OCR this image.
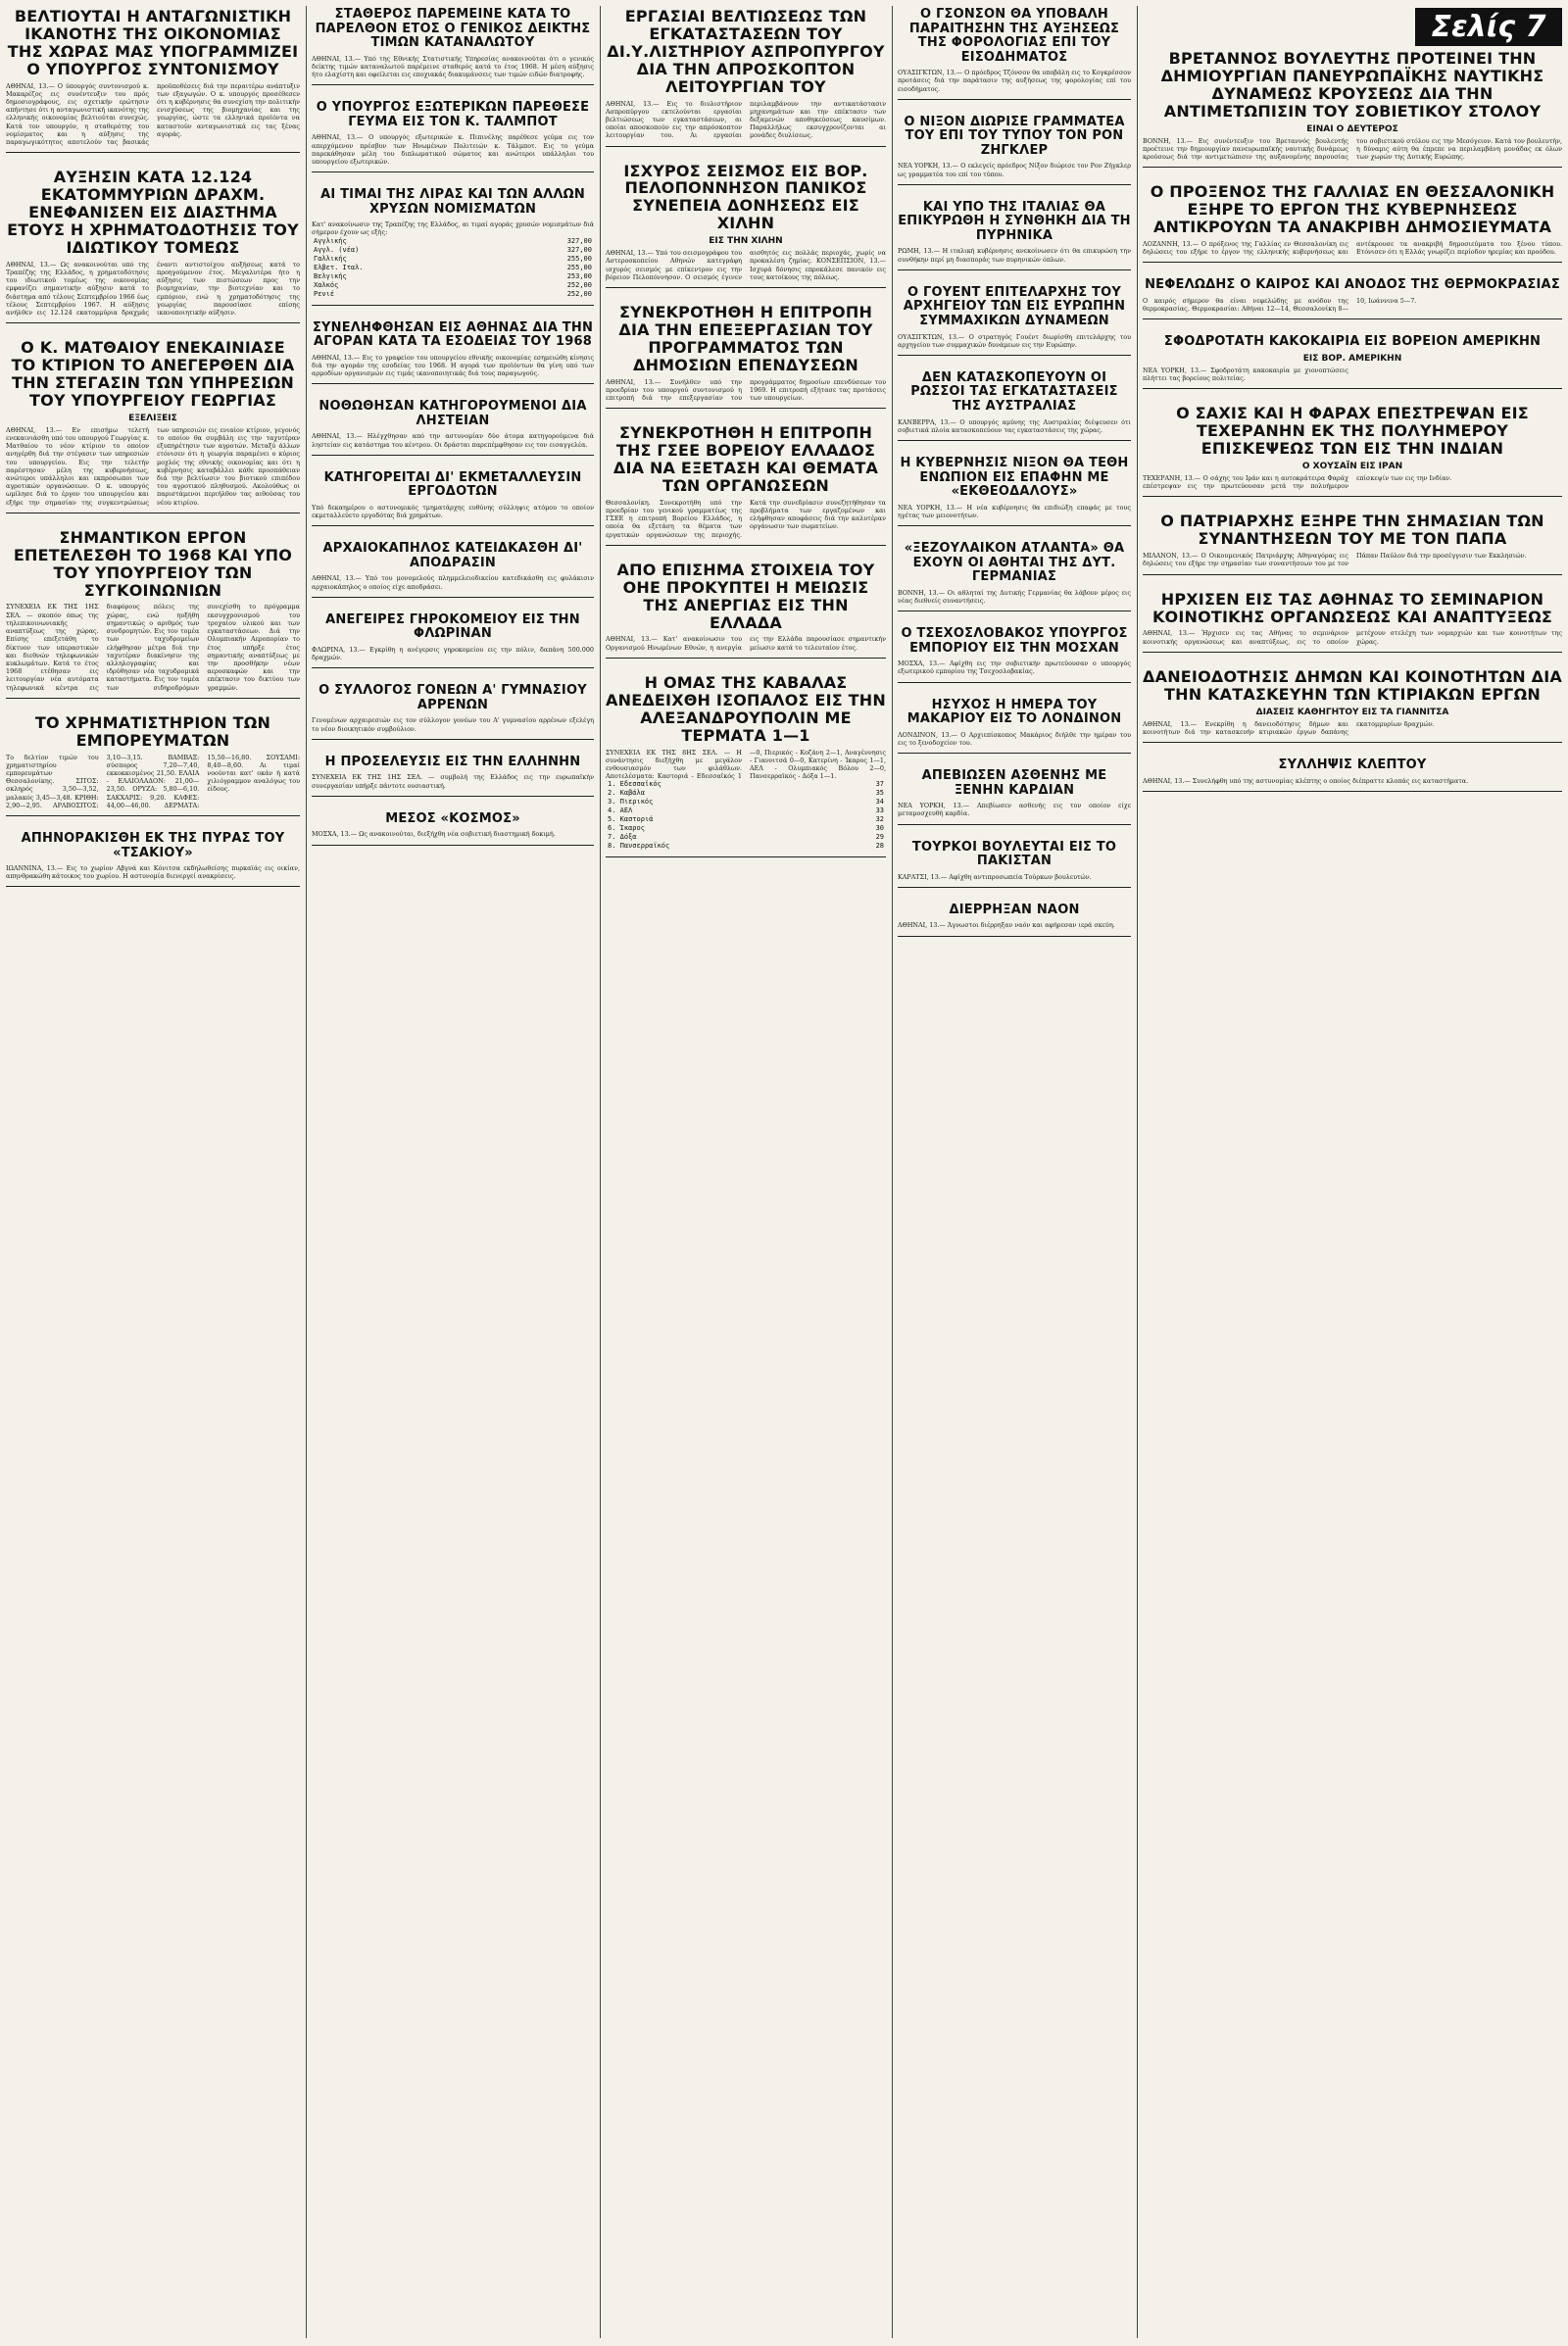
ΒΕΛΤΙΟΥΤΑΙ Η ΑΝΤΑΓΩΝΙΣΤΙΚΗ ΙΚΑΝΟΤΗΣ ΤΗΣ ΟΙΚΟΝΟΜΙΑΣ ΤΗΣ ΧΩΡΑΣ ΜΑΣ ΥΠΟΓΡΑΜΜΙΖΕΙ Ο ΥΠΟΥΡΓΟΣ ΣΥΝΤΟΝΙΣΜΟΥ

ΑΘΗΝΑΙ, 13.— Ο ύπουργός συντονισμού κ. Μακαρέζος εις συνέντευξιν του πρός δημοσιογράφους, εις σχετικήν ερώτησιν απήντησε ότι η ανταγωνιστική ικανότης της ελληνικής οικονομίας βελτιούται συνεχώς. Κατά τον υπουργόν, η σταθερότης του νομίσματος και η αύξησις της παραγωγικότητος αποτελούν τας βασικάς προϋποθέσεις διά την περαιτέρω ανάπτυξιν των εξαγωγών. Ο κ. υπουργός προσέθεσεν ότι η κυβέρνησις θα συνεχίση την πολιτικήν ενισχύσεως της βιομηχανίας και της γεωργίας, ώστε τα ελληνικά προϊόντα να καταστούν ανταγωνιστικά εις τας ξένας αγοράς.

ΑΥΞΗΣΙΝ ΚΑΤΑ 12.124 ΕΚΑΤΟΜΜΥΡΙΩΝ ΔΡΑΧΜ. ΕΝΕΦΑΝΙΣΕΝ ΕΙΣ ΔΙΑΣΤΗΜΑ ΕΤΟΥΣ Η ΧΡΗΜΑΤΟΔΟΤΗΣΙΣ ΤΟΥ ΙΔΙΩΤΙΚΟΥ ΤΟΜΕΩΣ

ΑΘΗΝΑΙ, 13.— Ως ανακοινούται υπό της Τραπέζης της Ελλάδος, η χρηματοδότησις του ιδιωτικού τομέως της οικονομίας εμφανίζει σημαντικήν αύξησιν κατά το διάστημα από τέλους Σεπτεμβρίου 1966 έως τέλους Σεπτεμβρίου 1967. Η αύξησις ανήλθεν εις 12.124 εκατομμύρια δραχμάς έναντι αντιστοίχου αυξήσεως κατά το προηγούμενον έτος. Μεγαλυτέρα ήτο η αύξησις των πιστώσεων προς την βιομηχανίαν, την βιοτεχνίαν και το εμπόριον, ενώ η χρηματοδότησις της γεωργίας παρουσίασε επίσης ικανοποιητικήν αύξησιν.

Ο Κ. ΜΑΤΘΑΙΟΥ ΕΝΕΚΑΙΝΙΑΣΕ ΤΟ ΚΤΙΡΙΟΝ ΤΟ ΑΝΕΓΕΡΘΕΝ ΔΙΑ ΤΗΝ ΣΤΕΓΑΣΙΝ ΤΩΝ ΥΠΗΡΕΣΙΩΝ ΤΟΥ ΥΠΟΥΡΓΕΙΟΥ ΓΕΩΡΓΙΑΣ
ΕΞΕΛΙΞΕΙΣ

ΑΘΗΝΑΙ, 13.— Εν επισήμω τελετή ενεκαινιάσθη υπό του υπουργού Γεωργίας κ. Ματθαίου το νέον κτίριον το οποίον ανηγέρθη διά την στέγασιν των υπηρεσιών του υπουργείου. Εις την τελετήν παρέστησαν μέλη της κυβερνήσεως, ανώτεροι υπάλληλοι και εκπρόσωποι των αγροτικών οργανώσεων. Ο κ. υπουργός ωμίλησε διά το έργον του υπουργείου και εξήρε την σημασίαν της συγκεντρώσεως των υπηρεσιών εις ενιαίον κτίριον, γεγονός το οποίον θα συμβάλη εις την ταχυτέραν εξυπηρέτησιν των αγροτών. Μεταξύ άλλων ετόνισεν ότι η γεωργία παραμένει ο κύριος μοχλός της εθνικής οικονομίας και ότι η κυβέρνησις καταβάλλει κάθε προσπάθειαν διά την βελτίωσιν του βιοτικού επιπέδου του αγροτικού πληθυσμού. Ακολούθως οι παριστάμενοι περιήλθον τας αιθούσας του νέου κτιρίου.

ΣΗΜΑΝΤΙΚΟΝ ΕΡΓΟΝ ΕΠΕΤΕΛΕΣΘΗ ΤΟ 1968 ΚΑΙ ΥΠΟ ΤΟΥ ΥΠΟΥΡΓΕΙΟΥ ΤΩΝ ΣΥΓΚΟΙΝΩΝΙΩΝ

ΣΥΝΕΧΕΙΑ ΕΚ ΤΗΣ 1ΗΣ ΣΕΛ. — σκοπόν όπως της τηλεπικοινωνιακής αναπτύξεως της χώρας. Επίσης επεξετάθη το δίκτυον των υπεραστικών και διεθνών τηλεφωνικών κυκλωμάτων. Κατά το έτος 1968 ετέθησαν εις λειτουργίαν νέα αυτόματα τηλεφωνικά κέντρα εις διαφόρους πόλεις της χώρας, ενώ ηυξήθη σημαντικώς ο αριθμός των συνδρομητών. Εις τον τομέα των ταχυδρομείων ελήφθησαν μέτρα διά την ταχυτέραν διακίνησιν της αλληλογραφίας και ιδρύθησαν νέα ταχυδρομικά καταστήματα. Εις τον τομέα των σιδηροδρόμων συνεχίσθη το πρόγραμμα εκσυγχρονισμού του τροχαίου υλικού και των εγκαταστάσεων. Διά την Ολυμπιακήν Αεροπορίαν το έτος υπήρξε έτος σημαντικής αναπτύξεως με την προσθήκην νέων αεροσκαφών και την επέκτασιν του δικτύου των γραμμών.

ΤΟ ΧΡΗΜΑΤΙΣΤΗΡΙΟΝ ΤΩΝ ΕΜΠΟΡΕΥΜΑΤΩΝ

Το δελτίον τιμών του χρηματιστηρίου εμπορευμάτων Θεσσαλονίκης. ΣΙΤΟΣ: σκληρός 3,50—3,52, μαλακός 3,45—3,48. ΚΡΙΘΗ: 2,90—2,95. ΑΡΑΒΟΣΙΤΟΣ: 3,10—3,15. ΒΑΜΒΑΞ: σύσπορος 7,20—7,40, εκκοκκισμένος 21,50. ΕΛΑΙΑ - ΕΛΑΙΟΛΑΔΟΝ: 21,00—23,50. ΟΡΥΖΑ: 5,80—6,10. ΣΑΚΧΑΡΙΣ: 9,20. ΚΑΦΕΣ: 44,00—46,00. ΔΕΡΜΑΤΑ: 15,50—16,80. ΣΟΥΣΑΜΙ: 8,40—8,60. Αι τιμαί νοούνται κατ' οκάν ή κατά χιλιόγραμμον αναλόγως του είδους.

ΑΠΗΝΟΡΑΚΙΣΘΗ ΕΚ ΤΗΣ ΠΥΡΑΣ ΤΟΥ «ΤΣΑΚΙΟΥ»

ΙΩΑΝΝΙΝΑ, 13.— Εις το χωρίον Αβγνά και Κόνιτσα εκδηλωθείσης πυρκαϊάς εις οικίαν, απηνθρακώθη κάτοικος του χωρίου. Η αστυνομία διενεργεί ανακρίσεις.

ΣΤΑΘΕΡΟΣ ΠΑΡΕΜΕΙΝΕ ΚΑΤΑ ΤΟ ΠΑΡΕΛΘΟΝ ΕΤΟΣ Ο ΓΕΝΙΚΟΣ ΔΕΙΚΤΗΣ ΤΙΜΩΝ ΚΑΤΑΝΑΛΩΤΟΥ

ΑΘΗΝΑΙ, 13.— Υπό της Εθνικής Στατιστικής Υπηρεσίας ανακοινούται ότι ο γενικός δείκτης τιμών καταναλωτού παρέμεινε σταθερός κατά το έτος 1968. Η μέση αύξησις ήτο ελαχίστη και οφείλεται εις εποχιακάς διακυμάνσεις των τιμών ειδών διατροφής.

Ο ΥΠΟΥΡΓΟΣ ΕΞΩΤΕΡΙΚΩΝ ΠΑΡΕΘΕΣΕ ΓΕΥΜΑ ΕΙΣ ΤΟΝ Κ. ΤΑΛΜΠΟΤ

ΑΘΗΝΑΙ, 13.— Ο υπουργός εξωτερικών κ. Πιπινέλης παρέθεσε γεύμα εις τον απερχόμενον πρέσβυν των Ηνωμένων Πολιτειών κ. Τάλμποτ. Εις το γεύμα παρεκάθησαν μέλη του διπλωματικού σώματος και ανώτεροι υπάλληλοι του υπουργείου εξωτερικών.

ΑΙ ΤΙΜΑΙ ΤΗΣ ΛΙΡΑΣ ΚΑΙ ΤΩΝ ΑΛΛΩΝ ΧΡΥΣΩΝ ΝΟΜΙΣΜΑΤΩΝ

Κατ' ανακοίνωσιν της Τραπέζης της Ελλάδος, αι τιμαί αγοράς χρυσών νομισμάτων διά σήμερον έχουν ως εξής:

Αγγλικής	327,00
Αγγλ. (νέα)	327,00
Γαλλικής	255,00
Ελβετ. Ιταλ.	255,00
Βελγικής	253,00
Χαλκός	252,00
Ρενιέ	252,00
ΣΥΝΕΛΗΦΘΗΣΑΝ ΕΙΣ ΑΘΗΝΑΣ ΔΙΑ ΤΗΝ ΑΓΟΡΑΝ ΚΑΤΑ ΤΑ ΕΣΟΔΕΙΑΣ ΤΟΥ 1968

ΑΘΗΝΑΙ, 13.— Εις το γραφείον του υπουργείου εθνικής οικονομίας εσημειώθη κίνησις διά την αγοράν της εσοδείας του 1968. Η αγορά των προϊόντων θα γίνη υπό των αρμοδίων οργανισμών εις τιμάς ικανοποιητικάς διά τους παραγωγούς.

ΝΟΘΩΘΗΣΑΝ ΚΑΤΗΓΟΡΟΥΜΕΝΟΙ ΔΙΑ ΛΗΣΤΕΙΑΝ

ΑΘΗΝΑΙ, 13.— Ηλέγχθησαν από την αστυνομίαν δύο άτομα κατηγορούμενα διά ληστείαν εις κατάστημα του κέντρου. Οι δράσται παρεπέμφθησαν εις τον εισαγγελέα.

ΚΑΤΗΓΟΡΕΙΤΑΙ ΔΙ' ΕΚΜΕΤΑΛΛΕΥΣΙΝ ΕΡΓΟΔΟΤΩΝ

Υπό δεκαημέρου ο αστυνομικός τμηματάρχης ευθύνης σύλληψις ατόμου το οποίον εκμεταλλεύετο εργοδότας διά χρημάτων.

ΑΡΧΑΙΟΚΑΠΗΛΟΣ ΚΑΤΕΙΔΚΑΣΘΗ ΔΙ' ΑΠΟΔΡΑΣΙΝ

ΑΘΗΝΑΙ, 13.— Υπό του μονομελούς πλημμελειοδικείου κατεδικάσθη εις φυλάκισιν αρχαιοκάπηλος ο οποίος είχε αποδράσει.

ΑΝΕΓΕΙΡΕΣ ΓΗΡΟΚΟΜΕΙΟΥ ΕΙΣ ΤΗΝ ΦΛΩΡΙΝΑΝ

ΦΛΩΡΙΝΑ, 13.— Εγκρίθη η ανέγερσις γηροκομείου εις την πόλιν, δαπάνη 500.000 δραχμών.

Ο ΣΥΛΛΟΓΟΣ ΓΟΝΕΩΝ Α' ΓΥΜΝΑΣΙΟΥ ΑΡΡΕΝΩΝ

Γενομένων αρχαιρεσιών εις τον σύλλογον γονέων του Α' γυμνασίου αρρένων εξελέγη το νέον διοικητικόν συμβούλιον.

Η ΠΡΟΣΕΛΕΥΣΙΣ ΕΙΣ ΤΗΝ ΕΛΛΗΝΗΝ

ΣΥΝΕΧΕΙΑ ΕΚ ΤΗΣ 1ΗΣ ΣΕΛ. — συμβολή της Ελλάδος εις την ευρωπαϊκήν συνεργασίαν υπήρξε πάντοτε ουσιαστική.

ΜΕΣΟΣ «ΚΟΣΜΟΣ»

ΜΟΣΧΑ, 13.— Ως ανακοινούται, διεξήχθη νέα σοβιετική διαστημική δοκιμή.

ΕΡΓΑΣΙΑΙ ΒΕΛΤΙΩΣΕΩΣ ΤΩΝ ΕΓΚΑΤΑΣΤΑΣΕΩΝ ΤΟΥ ΔΙ.Υ.ΛΙΣΤΗΡΙΟΥ ΑΣΠΡΟΠΥΡΓΟΥ ΔΙΑ ΤΗΝ ΑΠΡΟΣΚΟΠΤΟΝ ΛΕΙΤΟΥΡΓΙΑΝ ΤΟΥ

ΑΘΗΝΑΙ, 13.— Εις το διυλιστήριον Ασπροπύργου εκτελούνται εργασίαι βελτιώσεως των εγκαταστάσεων, αι οποίαι αποσκοπούν εις την απρόσκοπτον λειτουργίαν του. Αι εργασίαι περιλαμβάνουν την αντικατάστασιν μηχανημάτων και την επέκτασιν των δεξαμενών αποθηκεύσεως καυσίμων. Παραλλήλως εκσυγχρονίζονται αι μονάδες διυλίσεως.

ΙΣΧΥΡΟΣ ΣΕΙΣΜΟΣ ΕΙΣ ΒΟΡ. ΠΕΛΟΠΟΝΝΗΣΟΝ ΠΑΝΙΚΟΣ ΣΥΝΕΠΕΙΑ ΔΟΝΗΣΕΩΣ ΕΙΣ ΧΙΛΗΝ
ΕΙΣ ΤΗΝ ΧΙΛΗΝ

ΑΘΗΝΑΙ, 13.— Υπό του σεισμογράφου του Αστεροσκοπείου Αθηνών κατεγράφη ισχυρός σεισμός με επίκεντρον εις την βόρειον Πελοπόννησον. Ο σεισμός έγινεν αισθητός εις πολλάς περιοχάς, χωρίς να προκαλέση ζημίας. ΚΟΝΣΕΠΣΙΟΝ, 13.— Ισχυρά δόνησις επροκάλεσε πανικόν εις τους κατοίκους της πόλεως.

ΣΥΝΕΚΡΟΤΗΘΗ Η ΕΠΙΤΡΟΠΗ ΔΙΑ ΤΗΝ ΕΠΕΞΕΡΓΑΣΙΑΝ ΤΟΥ ΠΡΟΓΡΑΜΜΑΤΟΣ ΤΩΝ ΔΗΜΟΣΙΩΝ ΕΠΕΝΔΥΣΕΩΝ

ΑΘΗΝΑΙ, 13.— Συνήλθεν υπό την προεδρίαν του υπουργού συντονισμού η επιτροπή διά την επεξεργασίαν του προγράμματος δημοσίων επενδύσεων του 1969. Η επιτροπή εξήτασε τας προτάσεις των υπουργείων.

ΣΥΝΕΚΡΟΤΗΘΗ Η ΕΠΙΤΡΟΠΗ ΤΗΣ ΓΣΕΕ ΒΟΡΕΙΟΥ ΕΛΛΑΔΟΣ ΔΙΑ ΝΑ ΕΞΕΤΑΣΗ ΚΑΙ ΘΕΜΑΤΑ ΤΩΝ ΟΡΓΑΝΩΣΕΩΝ

Θεσσαλονίκη. Συνεκροτήθη υπό την προεδρίαν του γενικού γραμματέως της ΓΣΕΕ η επιτροπή Βορείου Ελλάδος, η οποία θα εξετάση τα θέματα των εργατικών οργανώσεων της περιοχής. Κατά την συνεδρίασιν συνεζητήθησαν τα προβλήματα των εργαζομένων και ελήφθησαν αποφάσεις διά την καλυτέραν οργάνωσιν των σωματείων.

ΑΠΟ ΕΠΙΣΗΜΑ ΣΤΟΙΧΕΙΑ ΤΟΥ ΟΗΕ ΠΡΟΚΥΠΤΕΙ Η ΜΕΙΩΣΙΣ ΤΗΣ ΑΝΕΡΓΙΑΣ ΕΙΣ ΤΗΝ ΕΛΛΑΔΑ

ΑΘΗΝΑΙ, 13.— Κατ' ανακοίνωσιν του Οργανισμού Ηνωμένων Εθνών, η ανεργία εις την Ελλάδα παρουσίασε σημαντικήν μείωσιν κατά το τελευταίον έτος.

Η ΟΜΑΣ ΤΗΣ ΚΑΒΑΛΑΣ ΑΝΕΔΕΙΧΘΗ ΙΣΟΠΑΛΟΣ ΕΙΣ ΤΗΝ ΑΛΕΞΑΝΔΡΟΥΠΟΛΙΝ ΜΕ ΤΕΡΜΑΤΑ 1—1

ΣΥΝΕΧΕΙΑ ΕΚ ΤΗΣ 8ΗΣ ΣΕΛ. — Η συνάντησις διεξήχθη με μεγάλον ενθουσιασμόν των φιλάθλων. Αποτελέσματα: Καστοριά - Εδεσσαϊκός 1—0, Πιερικός - Κοζάνη 2—1, Αναγέννησις - Γιαννιτσά 0—0, Κατερίνη - Ίκαρος 1—1, ΑΕΛ - Ολυμπιακός Βόλου 2—0, Πανσερραϊκός - Δόξα 1—1.

1. Εδεσσαϊκός	37
2. Καβάλα	35
3. Πιερικός	34
4. ΑΕΛ	33
5. Καστοριά	32
6. Ίκαρος	30
7. Δόξα	29
8. Πανσερραϊκός	28
Ο ΓΣΟΝΣΟΝ ΘΑ ΥΠΟΒΑΛΗ ΠΑΡΑΙΤΗΣΗΝ ΤΗΣ ΑΥΞΗΣΕΩΣ ΤΗΣ ΦΟΡΟΛΟΓΙΑΣ ΕΠΙ ΤΟΥ ΕΙΣΟΔΗΜΑΤΟΣ

ΟΥΑΣΙΓΚΤΩΝ, 13.— Ο πρόεδρος Τζόνσον θα υποβάλη εις το Κογκρέσσον προτάσεις διά την παράτασιν της αυξήσεως της φορολογίας επί του εισοδήματος.

Ο ΝΙΞΟΝ ΔΙΩΡΙΣΕ ΓΡΑΜΜΑΤΕΑ ΤΟΥ ΕΠΙ ΤΟΥ ΤΥΠΟΥ ΤΟΝ ΡΟΝ ΖΗΓΚΛΕΡ

ΝΕΑ ΥΟΡΚΗ, 13.— Ο εκλεγείς πρόεδρος Νίξον διώρισε τον Ρον Ζήγκλερ ως γραμματέα του επί του τύπου.

ΚΑΙ ΥΠΟ ΤΗΣ ΙΤΑΛΙΑΣ ΘΑ ΕΠΙΚΥΡΩΘΗ Η ΣΥΝΘΗΚΗ ΔΙΑ ΤΗ ΠΥΡΗΝΙΚΑ

ΡΩΜΗ, 13.— Η ιταλική κυβέρνησις ανεκοίνωσεν ότι θα επικυρώση την συνθήκην περί μη διασποράς των πυρηνικών όπλων.

Ο ΓΟΥΕΝΤ ΕΠΙΤΕΛΑΡΧΗΣ ΤΟΥ ΑΡΧΗΓΕΙΟΥ ΤΩΝ ΕΙΣ ΕΥΡΩΠΗΝ ΣΥΜΜΑΧΙΚΩΝ ΔΥΝΑΜΕΩΝ

ΟΥΑΣΙΓΚΤΩΝ, 13.— Ο στρατηγός Γουέντ διωρίσθη επιτελάρχης του αρχηγείου των συμμαχικών δυνάμεων εις την Ευρώπην.

ΔΕΝ ΚΑΤΑΣΚΟΠΕΥΟΥΝ ΟΙ ΡΩΣΣΟΙ ΤΑΣ ΕΓΚΑΤΑΣΤΑΣΕΙΣ ΤΗΣ ΑΥΣΤΡΑΛΙΑΣ

ΚΑΝΒΕΡΡΑ, 13.— Ο υπουργός αμύνης της Αυστραλίας διέψευσεν ότι σοβιετικά πλοία κατασκοπεύουν τας εγκαταστάσεις της χώρας.

Η ΚΥΒΕΡΝΗΣΙΣ ΝΙΞΟΝ ΘΑ ΤΕΘΗ ΕΝΩΠΙΟΝ ΕΙΣ ΕΠΑΦΗΝ ΜΕ «ΕΚΘΕΟΔΑΛΟΥΣ»

ΝΕΑ ΥΟΡΚΗ, 13.— Η νέα κυβέρνησις θα επιδιώξη επαφάς με τους ηγέτας των μειονοτήτων.

«ΞΕΖΟΥΛΑΙΚΟΝ ΑΤΛΑΝΤΑ» ΘΑ ΕΧΟΥΝ ΟΙ ΑΘΗΤΑΙ ΤΗΣ ΔΥΤ. ΓΕΡΜΑΝΙΑΣ

ΒΟΝΝΗ, 13.— Οι αθληταί της Δυτικής Γερμανίας θα λάβουν μέρος εις νέας διεθνείς συναντήσεις.

Ο ΤΣΕΧΟΣΛΟΒΑΚΟΣ ΥΠΟΥΡΓΟΣ ΕΜΠΟΡΙΟΥ ΕΙΣ ΤΗΝ ΜΟΣΧΑΝ

ΜΟΣΧΑ, 13.— Αφίχθη εις την σοβιετικήν πρωτεύουσαν ο υπουργός εξωτερικού εμπορίου της Τσεχοσλοβακίας.

ΗΣΥΧΟΣ Η ΗΜΕΡΑ ΤΟΥ ΜΑΚΑΡΙΟΥ ΕΙΣ ΤΟ ΛΟΝΔΙΝΟΝ

ΛΟΝΔΙΝΟΝ, 13.— Ο Αρχιεπίσκοπος Μακάριος διήλθε την ημέραν του εις το ξενοδοχείον του.

ΑΠΕΒΙΩΣΕΝ ΑΣΘΕΝΗΣ ΜΕ ΞΕΝΗΝ ΚΑΡΔΙΑΝ

ΝΕΑ ΥΟΡΚΗ, 13.— Απεβίωσεν ασθενής εις τον οποίον είχε μεταμοσχευθή καρδία.

ΤΟΥΡΚΟΙ ΒΟΥΛΕΥΤΑΙ ΕΙΣ ΤΟ ΠΑΚΙΣΤΑΝ

ΚΑΡΑΤΣΙ, 13.— Αφίχθη αντιπροσωπεία Τούρκων βουλευτών.

ΔΙΕΡΡΗΞΑΝ ΝΑΟΝ

ΑΘΗΝΑΙ, 13.— Άγνωστοι διέρρηξαν ναόν και αφήρεσαν ιερά σκεύη.

Σελίς 7
ΒΡΕΤΑΝΝΟΣ ΒΟΥΛΕΥΤΗΣ ΠΡΟΤΕΙΝΕΙ ΤΗΝ ΔΗΜΙΟΥΡΓΙΑΝ ΠΑΝΕΥΡΩΠΑΪΚΗΣ ΝΑΥΤΙΚΗΣ ΔΥΝΑΜΕΩΣ ΚΡΟΥΣΕΩΣ ΔΙΑ ΤΗΝ ΑΝΤΙΜΕΤΩΠΙΣΙΝ ΤΟΥ ΣΟΒΙΕΤΙΚΟΥ ΣΤΟΛΟΥ
ΕΙΝΑΙ Ο ΔΕΥΤΕΡΟΣ

ΒΟΝΝΗ, 13.— Εις συνέντευξιν του Βρεταννός βουλευτής προέτεινε την δημιουργίαν πανευρωπαϊκής ναυτικής δυνάμεως κρούσεως διά την αντιμετώπισιν της αυξανομένης παρουσίας του σοβιετικού στόλου εις την Μεσόγειον. Κατά τον βουλευτήν, η δύναμις αύτη θα έπρεπε να περιλαμβάνη μονάδας εκ όλων των χωρών της Δυτικής Ευρώπης.

Ο ΠΡΟΞΕΝΟΣ ΤΗΣ ΓΑΛΛΙΑΣ ΕΝ ΘΕΣΣΑΛΟΝΙΚΗ ΕΞΗΡΕ ΤΟ ΕΡΓΟΝ ΤΗΣ ΚΥΒΕΡΝΗΣΕΩΣ ΑΝΤΙΚΡΟΥΩΝ ΤΑ ΑΝΑΚΡΙΒΗ ΔΗΜΟΣΙΕΥΜΑΤΑ

ΛΟΖΑΝΝΗ, 13.— Ο πρόξενος της Γαλλίας εν Θεσσαλονίκη εις δηλώσεις του εξήρε το έργον της ελληνικής κυβερνήσεως και αντέκρουσε τα ανακριβή δημοσιεύματα του ξένου τύπου. Ετόνισεν ότι η Ελλάς γνωρίζει περίοδον ηρεμίας και προόδου.

ΝΕΦΕΛΩΔΗΣ Ο ΚΑΙΡΟΣ ΚΑΙ ΑΝΟΔΟΣ ΤΗΣ ΘΕΡΜΟΚΡΑΣΙΑΣ

Ο καιρός σήμερον θα είναι νεφελώδης με ανόδον της θερμοκρασίας. Θερμοκρασίαι: Αθήναι 12—14, Θεσσαλονίκη 8—10, Ιωάννινα 5—7.

ΣΦΟΔΡΟΤΑΤΗ ΚΑΚΟΚΑΙΡΙΑ ΕΙΣ ΒΟΡΕΙΟΝ ΑΜΕΡΙΚΗΝ
ΕΙΣ ΒΟΡ. ΑΜΕΡΙΚΗΝ

ΝΕΑ ΥΟΡΚΗ, 13.— Σφοδροτάτη κακοκαιρία με χιονοπτώσεις πλήττει τας βορείους πολιτείας.

Ο ΣΑΧΙΣ ΚΑΙ Η ΦΑΡΑΧ ΕΠΕΣΤΡΕΨΑΝ ΕΙΣ ΤΕΧΕΡΑΝΗΝ ΕΚ ΤΗΣ ΠΟΛΥΗΜΕΡΟΥ ΕΠΙΣΚΕΨΕΩΣ ΤΩΝ ΕΙΣ ΤΗΝ ΙΝΔΙΑΝ
Ο ΧΟΥΣΑΪΝ ΕΙΣ ΙΡΑΝ

ΤΕΧΕΡΑΝΗ, 13.— Ο σάχης του Ιράν και η αυτοκράτειρα Φαράχ επέστρεψαν εις την πρωτεύουσαν μετά την πολυήμερον επίσκεψίν των εις την Ινδίαν.

Ο ΠΑΤΡΙΑΡΧΗΣ ΕΞΗΡΕ ΤΗΝ ΣΗΜΑΣΙΑΝ ΤΩΝ ΣΥΝΑΝΤΗΣΕΩΝ ΤΟΥ ΜΕ ΤΟΝ ΠΑΠΑ

ΜΙΛΑΝΟΝ, 13.— Ο Οικουμενικός Πατριάρχης Αθηναγόρας εις δηλώσεις του εξήρε την σημασίαν των συναντήσεων του με τον Πάπαν Παύλον διά την προσέγγισιν των Εκκλησιών.

ΗΡΧΙΣΕΝ ΕΙΣ ΤΑΣ ΑΘΗΝΑΣ ΤΟ ΣΕΜΙΝΑΡΙΟΝ ΚΟΙΝΟΤΙΚΗΣ ΟΡΓΑΝΩΣΕΩΣ ΚΑΙ ΑΝΑΠΤΥΞΕΩΣ

ΑΘΗΝΑΙ, 13.— Ήρχισεν εις τας Αθήνας το σεμινάριον κοινοτικής οργανώσεως και αναπτύξεως, εις το οποίον μετέχουν στελέχη των νομαρχιών και των κοινοτήτων της χώρας.

ΔΑΝΕΙΟΔΟΤΗΣΙΣ ΔΗΜΩΝ ΚΑΙ ΚΟΙΝΟΤΗΤΩΝ ΔΙΑ ΤΗΝ ΚΑΤΑΣΚΕΥΗΝ ΤΩΝ ΚΤΙΡΙΑΚΩΝ ΕΡΓΩΝ
ΔΙΑΣΕΙΣ ΚΑΘΗΓΗΤΟΥ ΕΙΣ ΤΑ ΓΙΑΝΝΙΤΣΑ

ΑΘΗΝΑΙ, 13.— Ενεκρίθη η δανειοδότησις δήμων και κοινοτήτων διά την κατασκευήν κτιριακών έργων δαπάνης εκατομμυρίων δραχμών.

ΣΥΛΛΗΨΙΣ ΚΛΕΠΤΟΥ

ΑΘΗΝΑΙ, 13.— Συνελήφθη υπό της αστυνομίας κλέπτης ο οποίος διέπραττε κλοπάς εις καταστήματα.
